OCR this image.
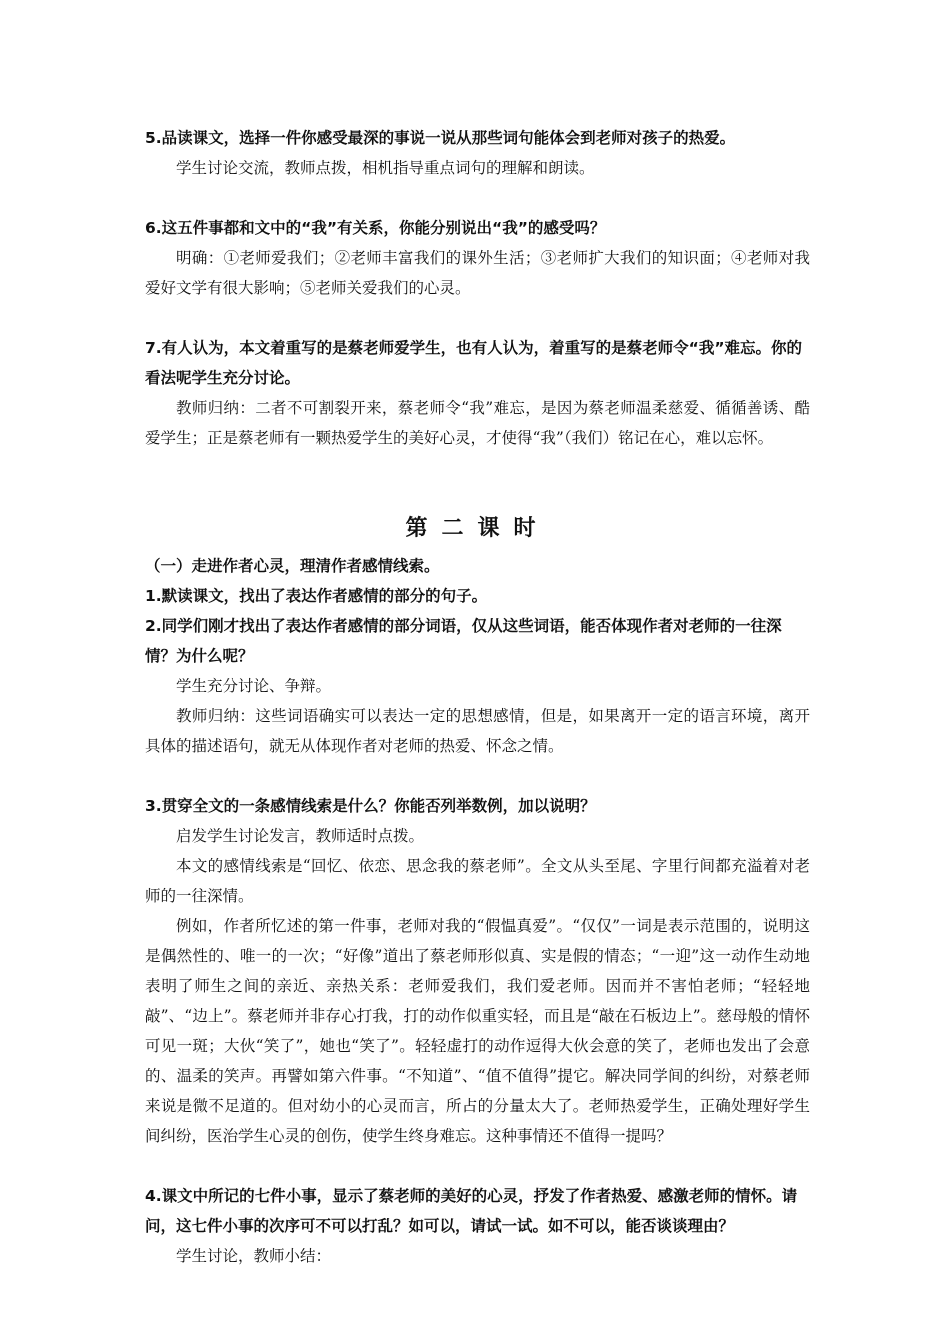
5.品读课文，选择一件你感受最深的事说一说从那些词句能体会到老师对孩子的热爱。

学生讨论交流，教师点拨，相机指导重点词句的理解和朗读。

6.这五件事都和文中的“我”有关系，你能分别说出“我”的感受吗？

明确：①老师爱我们；②老师丰富我们的课外生活；③老师扩大我们的知识面；④老师对我爱好文学有很大影响；⑤老师关爱我们的心灵。

7.有人认为，本文着重写的是蔡老师爱学生，也有人认为，着重写的是蔡老师令“我”难忘。你的看法呢学生充分讨论。

教师归纳：二者不可割裂开来，蔡老师令“我”难忘，是因为蔡老师温柔慈爱、循循善诱、酷爱学生；正是蔡老师有一颗热爱学生的美好心灵，才使得“我”（我们）铭记在心，难以忘怀。

第二课时

（一）走进作者心灵，理清作者感情线索。

1.默读课文，找出了表达作者感情的部分的句子。

2.同学们刚才找出了表达作者感情的部分词语，仅从这些词语，能否体现作者对老师的一往深情？为什么呢？

学生充分讨论、争辩。

教师归纳：这些词语确实可以表达一定的思想感情，但是，如果离开一定的语言环境，离开具体的描述语句，就无从体现作者对老师的热爱、怀念之情。

3.贯穿全文的一条感情线索是什么？你能否列举数例，加以说明？

启发学生讨论发言，教师适时点拨。

本文的感情线索是“回忆、依恋、思念我的蔡老师”。全文从头至尾、字里行间都充溢着对老师的一往深情。

例如，作者所忆述的第一件事，老师对我的“假愠真爱”。“仅仅”一词是表示范围的，说明这是偶然性的、唯一的一次；“好像”道出了蔡老师形似真、实是假的情态；“一迎”这一动作生动地表明了师生之间的亲近、亲热关系：老师爱我们，我们爱老师。因而并不害怕老师；“轻轻地敲”、“边上”。蔡老师并非存心打我，打的动作似重实轻，而且是“敲在石板边上”。慈母般的情怀可见一斑；大伙“笑了”，她也“笑了”。轻轻虚打的动作逗得大伙会意的笑了，老师也发出了会意的、温柔的笑声。再譬如第六件事。“不知道”、“值不值得”提它。解决同学间的纠纷，对蔡老师来说是微不足道的。但对幼小的心灵而言，所占的分量太大了。老师热爱学生，正确处理好学生间纠纷，医治学生心灵的创伤，使学生终身难忘。这种事情还不值得一提吗？

4.课文中所记的七件小事，显示了蔡老师的美好的心灵，抒发了作者热爱、感激老师的情怀。请问，这七件小事的次序可不可以打乱？如可以，请试一试。如不可以，能否谈谈理由？

学生讨论，教师小结：
